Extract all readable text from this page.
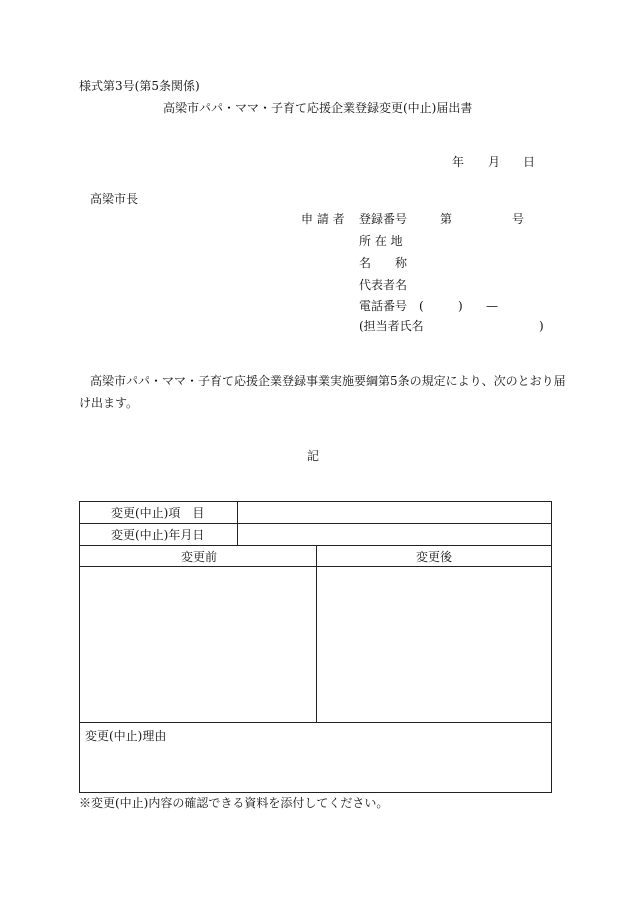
様式第3号(第5条関係)
高梁市パパ・ママ・子育て応援企業登録変更(中止)届出書
年 月 日
高梁市長
申 請 者 登録番号	第	号
所 在 地
名　　称
代表者名
電話番号 (	) —
(担当者氏名	)
高梁市パパ・ママ・子育て応援企業登録事業実施要綱第5条の規定により、次のとおり届
け出ます。
記
変更(中止)項　目
変更(中止)年月日
変更前	変更後
変更(中止)理由
※変更(中止)内容の確認できる資料を添付してください。
